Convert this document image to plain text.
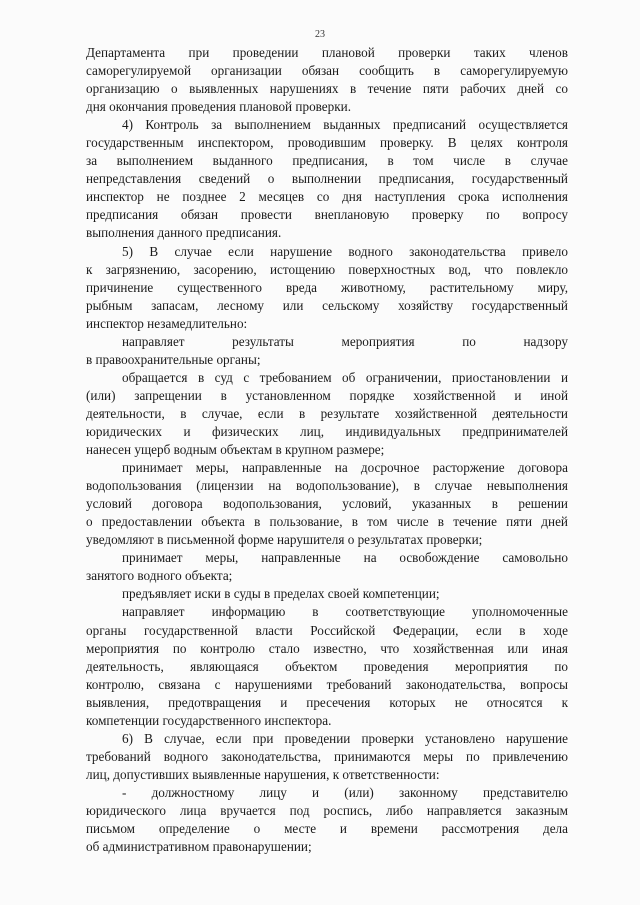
23
Департамента при проведении плановой проверки таких членов
саморегулируемой организации обязан сообщить в саморегулируемую
организацию о выявленных нарушениях в течение пяти рабочих дней со
дня окончания проведения плановой проверки.
4) Контроль за выполнением выданных предписаний осуществляется
государственным инспектором, проводившим проверку. В целях контроля
за выполнением выданного предписания, в том числе в случае
непредставления сведений о выполнении предписания, государственный
инспектор не позднее 2 месяцев со дня наступления срока исполнения
предписания обязан провести внеплановую проверку по вопросу
выполнения данного предписания.
5) В случае если нарушение водного законодательства привело
к загрязнению, засорению, истощению поверхностных вод, что повлекло
причинение существенного вреда животному, растительному миру,
рыбным запасам, лесному или сельскому хозяйству государственный
инспектор незамедлительно:
направляет результаты мероприятия по надзору
в правоохранительные органы;
обращается в суд с требованием об ограничении, приостановлении и
(или) запрещении в установленном порядке хозяйственной и иной
деятельности, в случае, если в результате хозяйственной деятельности
юридических и физических лиц, индивидуальных предпринимателей
нанесен ущерб водным объектам в крупном размере;
принимает меры, направленные на досрочное расторжение договора
водопользования (лицензии на водопользование), в случае невыполнения
условий договора водопользования, условий, указанных в решении
о предоставлении объекта в пользование, в том числе в течение пяти дней
уведомляют в письменной форме нарушителя о результатах проверки;
принимает меры, направленные на освобождение самовольно
занятого водного объекта;
предъявляет иски в суды в пределах своей компетенции;
направляет информацию в соответствующие уполномоченные
органы государственной власти Российской Федерации, если в ходе
мероприятия по контролю стало известно, что хозяйственная или иная
деятельность, являющаяся объектом проведения мероприятия по
контролю, связана с нарушениями требований законодательства, вопросы
выявления, предотвращения и пресечения которых не относятся к
компетенции государственного инспектора.
6) В случае, если при проведении проверки установлено нарушение
требований водного законодательства, принимаются меры по привлечению
лиц, допустивших выявленные нарушения, к ответственности:
- должностному лицу и (или) законному представителю
юридического лица вручается под роспись, либо направляется заказным
письмом определение о месте и времени рассмотрения дела
об административном правонарушении;
